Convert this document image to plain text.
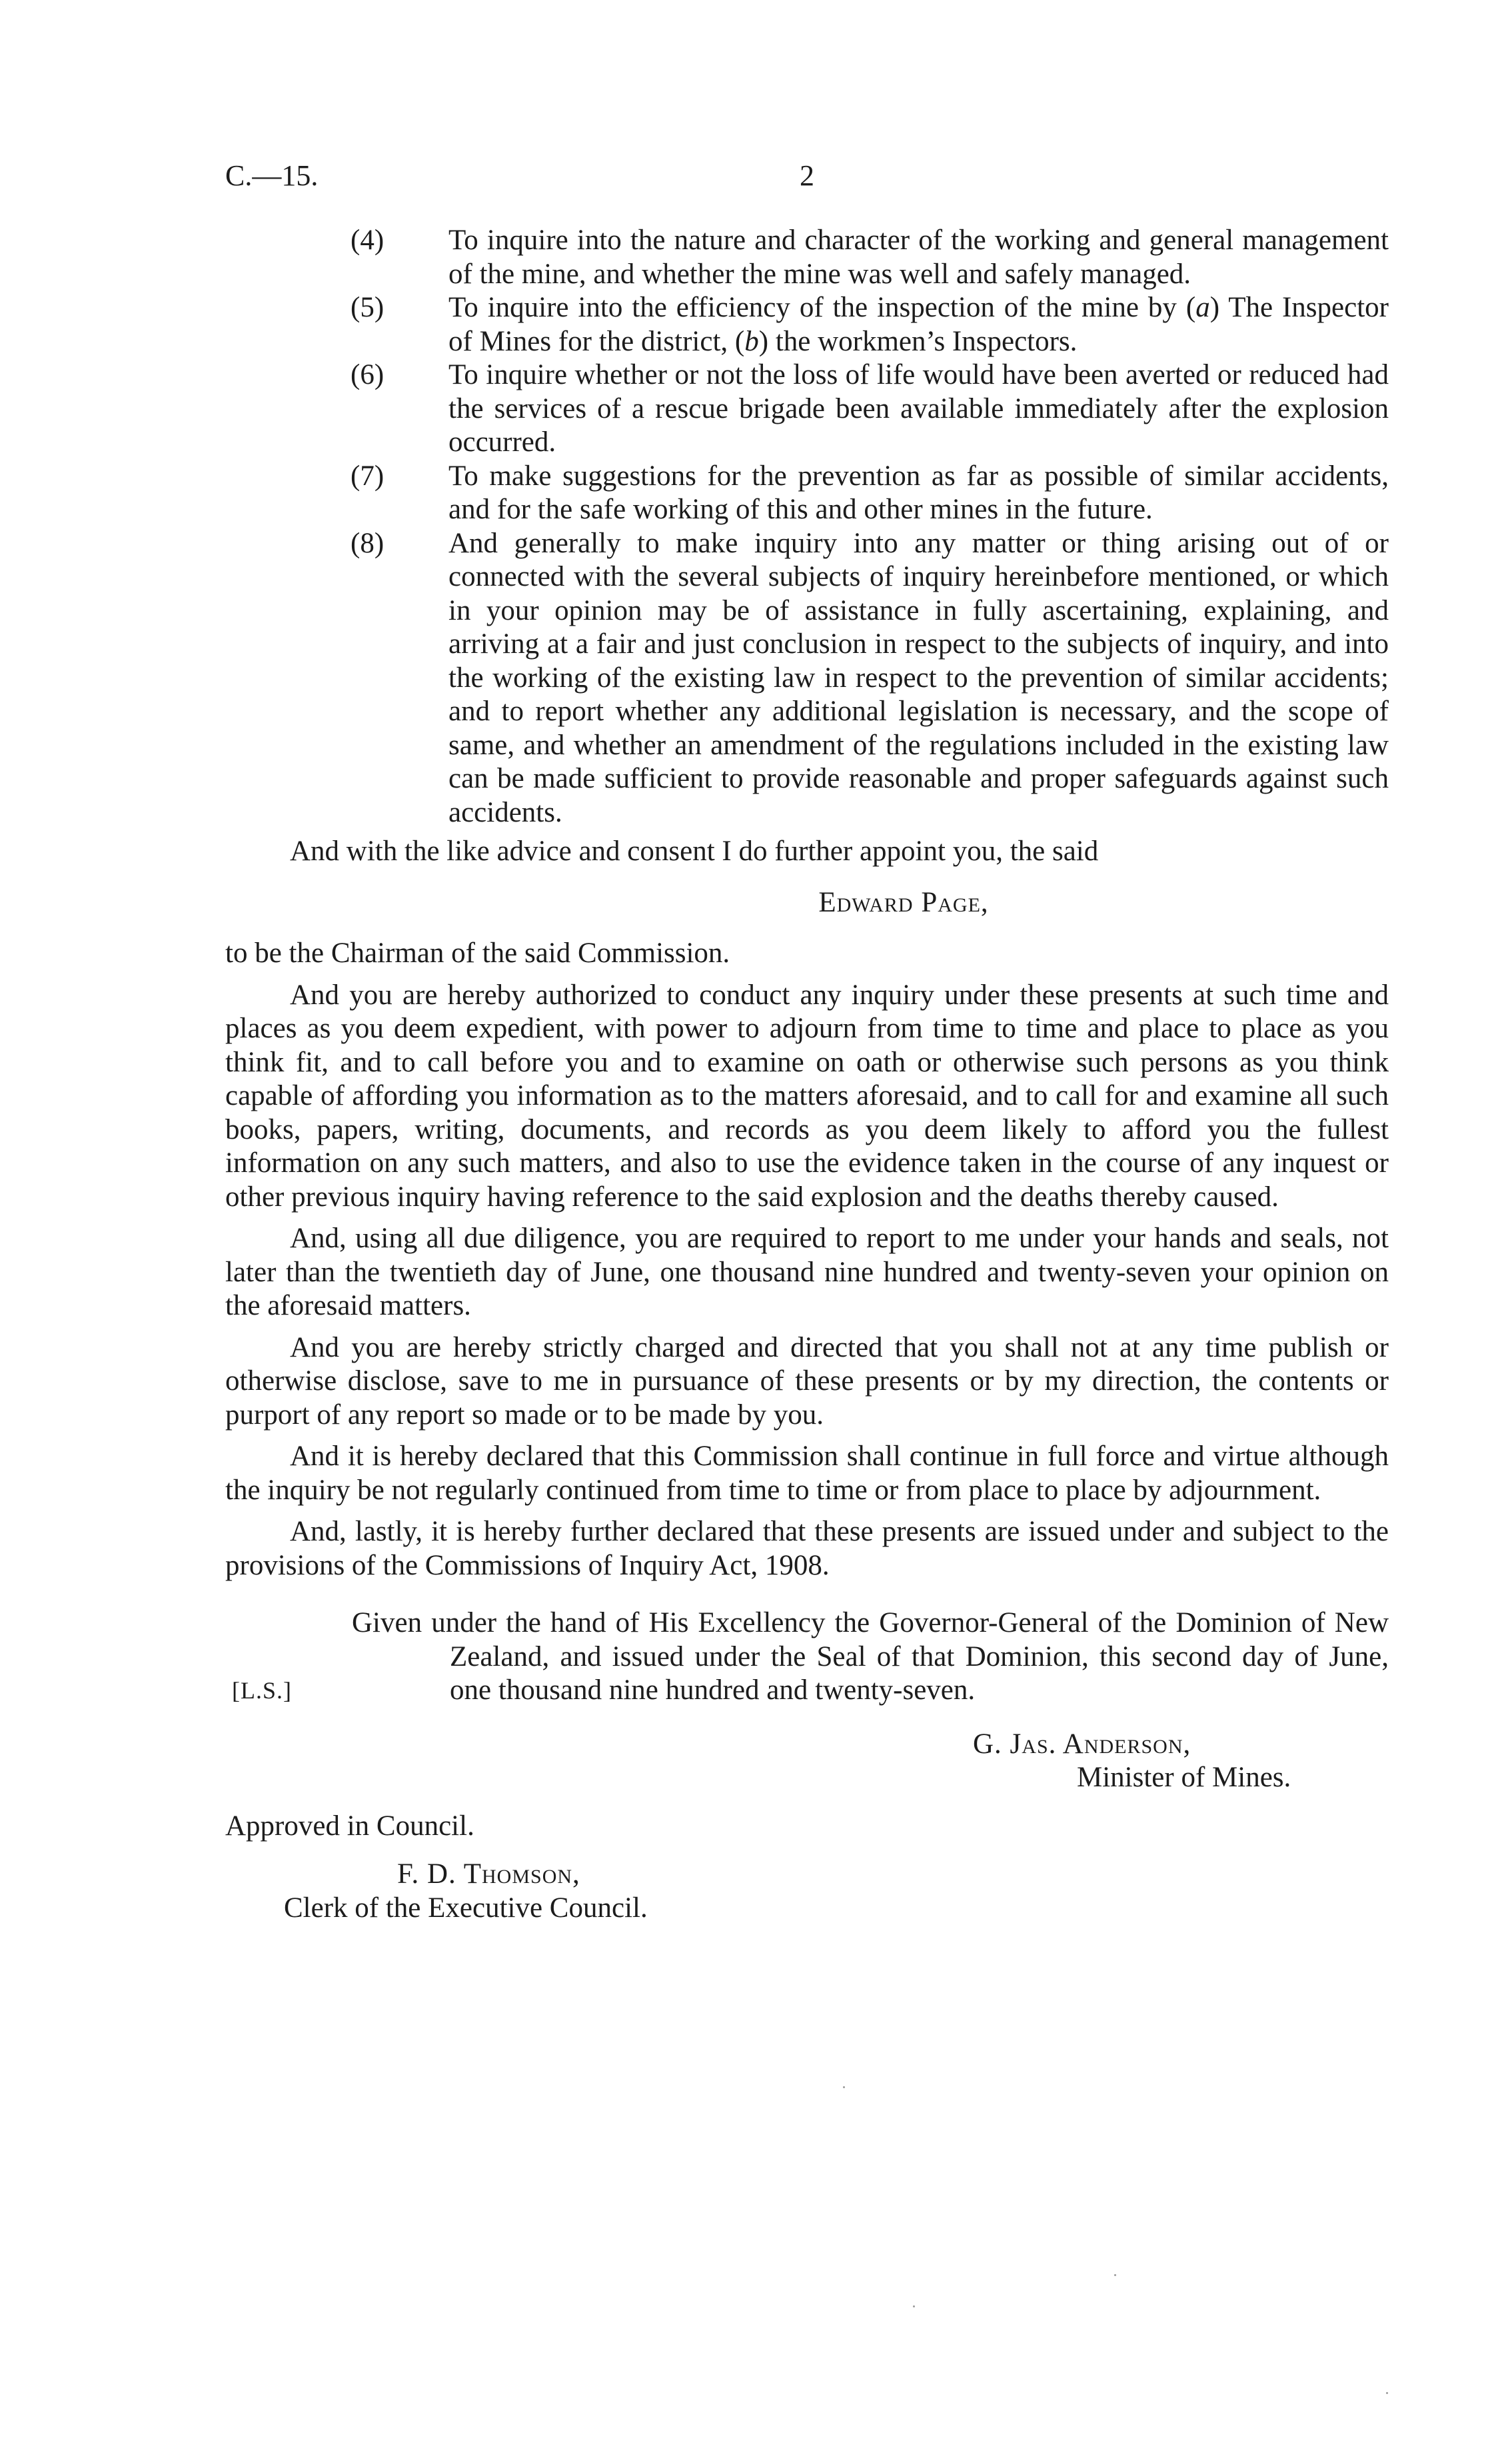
C.—15.	2
(4) To inquire into the nature and character of the working and general management of the mine, and whether the mine was well and safely managed.
(5) To inquire into the efficiency of the inspection of the mine by (a) The Inspector of Mines for the district, (b) the workmen’s Inspectors.
(6) To inquire whether or not the loss of life would have been averted or reduced had the services of a rescue brigade been available immediately after the explosion occurred.
(7) To make suggestions for the prevention as far as possible of similar accidents, and for the safe working of this and other mines in the future.
(8) And generally to make inquiry into any matter or thing arising out of or connected with the several subjects of inquiry hereinbefore mentioned, or which in your opinion may be of assistance in fully ascertaining, explaining, and arriving at a fair and just conclusion in respect to the subjects of inquiry, and into the working of the existing law in respect to the prevention of similar accidents; and to report whether any additional legislation is necessary, and the scope of same, and whether an amendment of the regulations included in the existing law can be made sufficient to provide reasonable and proper safeguards against such accidents.
And with the like advice and consent I do further appoint you, the said
Edward Page,
to be the Chairman of the said Commission.
And you are hereby authorized to conduct any inquiry under these presents at such time and places as you deem expedient, with power to adjourn from time to time and place to place as you think fit, and to call before you and to examine on oath or otherwise such persons as you think capable of affording you information as to the matters aforesaid, and to call for and examine all such books, papers, writing, documents, and records as you deem likely to afford you the fullest information on any such matters, and also to use the evidence taken in the course of any inquest or other previous inquiry having reference to the said explosion and the deaths thereby caused.
And, using all due diligence, you are required to report to me under your hands and seals, not later than the twentieth day of June, one thousand nine hundred and twenty-seven your opinion on the aforesaid matters.
And you are hereby strictly charged and directed that you shall not at any time publish or otherwise disclose, save to me in pursuance of these presents or by my direction, the contents or purport of any report so made or to be made by you.
And it is hereby declared that this Commission shall continue in full force and virtue although the inquiry be not regularly continued from time to time or from place to place by adjournment.
And, lastly, it is hereby further declared that these presents are issued under and subject to the provisions of the Commissions of Inquiry Act, 1908.
Given under the hand of His Excellency the Governor-General of the Dominion of New Zealand, and issued under the Seal of that Dominion, this second day of June, one thousand nine hundred and twenty-seven.
[L.S.]
G. Jas. Anderson,
Minister of Mines.
Approved in Council.
F. D. Thomson,
Clerk of the Executive Council.
